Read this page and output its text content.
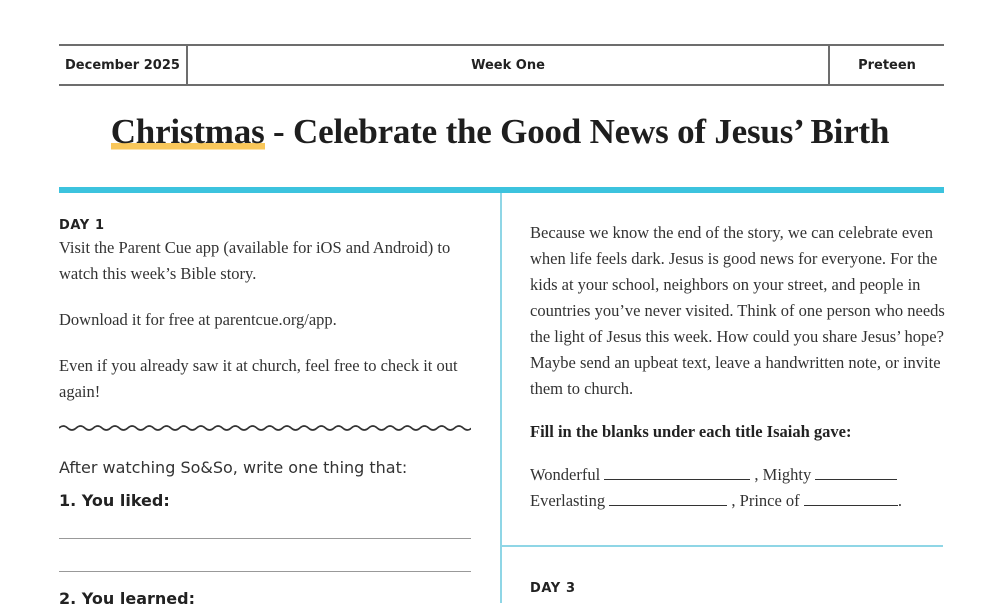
December 2025	Week One	Preteen
Christmas - Celebrate the Good News of Jesus’ Birth

DAY 1

Visit the Parent Cue app (available for iOS and Android) to watch this week’s Bible story.

Download it for free at parentcue.org/app.

Even if you already saw it at church, feel free to check it out again!

After watching So&So, write one thing that:
1. You liked:
2. You learned:

Because we know the end of the story, we can celebrate even when life feels dark. Jesus is good news for everyone. For the kids at your school, neighbors on your street, and people in countries you’ve never visited. Think of one person who needs the light of Jesus this week. How could you share Jesus’ hope? Maybe send an upbeat text, leave a handwritten note, or invite them to church.

Fill in the blanks under each title Isaiah gave:

Wonderful	, Mighty

Everlasting	, Prince of	.

DAY 3
